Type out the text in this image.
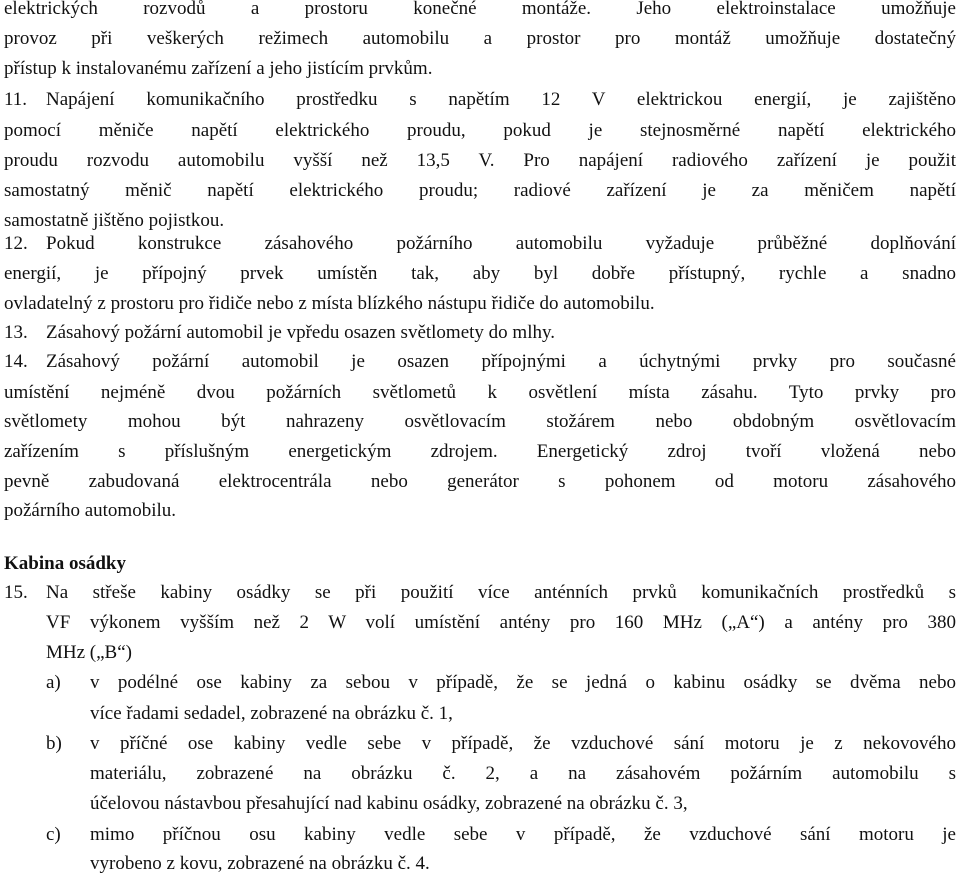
elektrických rozvodů a prostoru konečné montáže. Jeho elektroinstalace umožňuje
provoz při veškerých režimech automobilu a prostor pro montáž umožňuje dostatečný
přístup k instalovanému zařízení a jeho jistícím prvkům.
11. Napájení komunikačního prostředku s napětím 12 V elektrickou energií, je zajištěno
pomocí měniče napětí elektrického proudu, pokud je stejnosměrné napětí elektrického
proudu rozvodu automobilu vyšší než 13,5 V. Pro napájení radiového zařízení je použit
samostatný měnič napětí elektrického proudu; radiové zařízení je za měničem napětí
samostatně jištěno pojistkou.
12. Pokud konstrukce zásahového požárního automobilu vyžaduje průběžné doplňování
energií, je přípojný prvek umístěn tak, aby byl dobře přístupný, rychle a snadno
ovladatelný z prostoru pro řidiče nebo z místa blízkého nástupu řidiče do automobilu.
13. Zásahový požární automobil je vpředu osazen světlomety do mlhy.
14. Zásahový požární automobil je osazen přípojnými a úchytnými prvky pro současné
umístění nejméně dvou požárních světlometů k osvětlení místa zásahu. Tyto prvky pro
světlomety mohou být nahrazeny osvětlovacím stožárem nebo obdobným osvětlovacím
zařízením s příslušným energetickým zdrojem. Energetický zdroj tvoří vložená nebo
pevně zabudovaná elektrocentrála nebo generátor s pohonem od motoru zásahového
požárního automobilu.
Kabina osádky
15. Na střeše kabiny osádky se při použití více anténních prvků komunikačních prostředků s
VF výkonem vyšším než 2 W volí umístění antény pro 160 MHz („A“) a antény pro 380
MHz („B“)
a) v podélné ose kabiny za sebou v případě, že se jedná o kabinu osádky se dvěma nebo
více řadami sedadel, zobrazené na obrázku č. 1,
b) v příčné ose kabiny vedle sebe v případě, že vzduchové sání motoru je z nekovového
materiálu, zobrazené na obrázku č. 2, a na zásahovém požárním automobilu s
účelovou nástavbou přesahující nad kabinu osádky, zobrazené na obrázku č. 3,
c) mimo příčnou osu kabiny vedle sebe v případě, že vzduchové sání motoru je
vyrobeno z kovu, zobrazené na obrázku č. 4.
